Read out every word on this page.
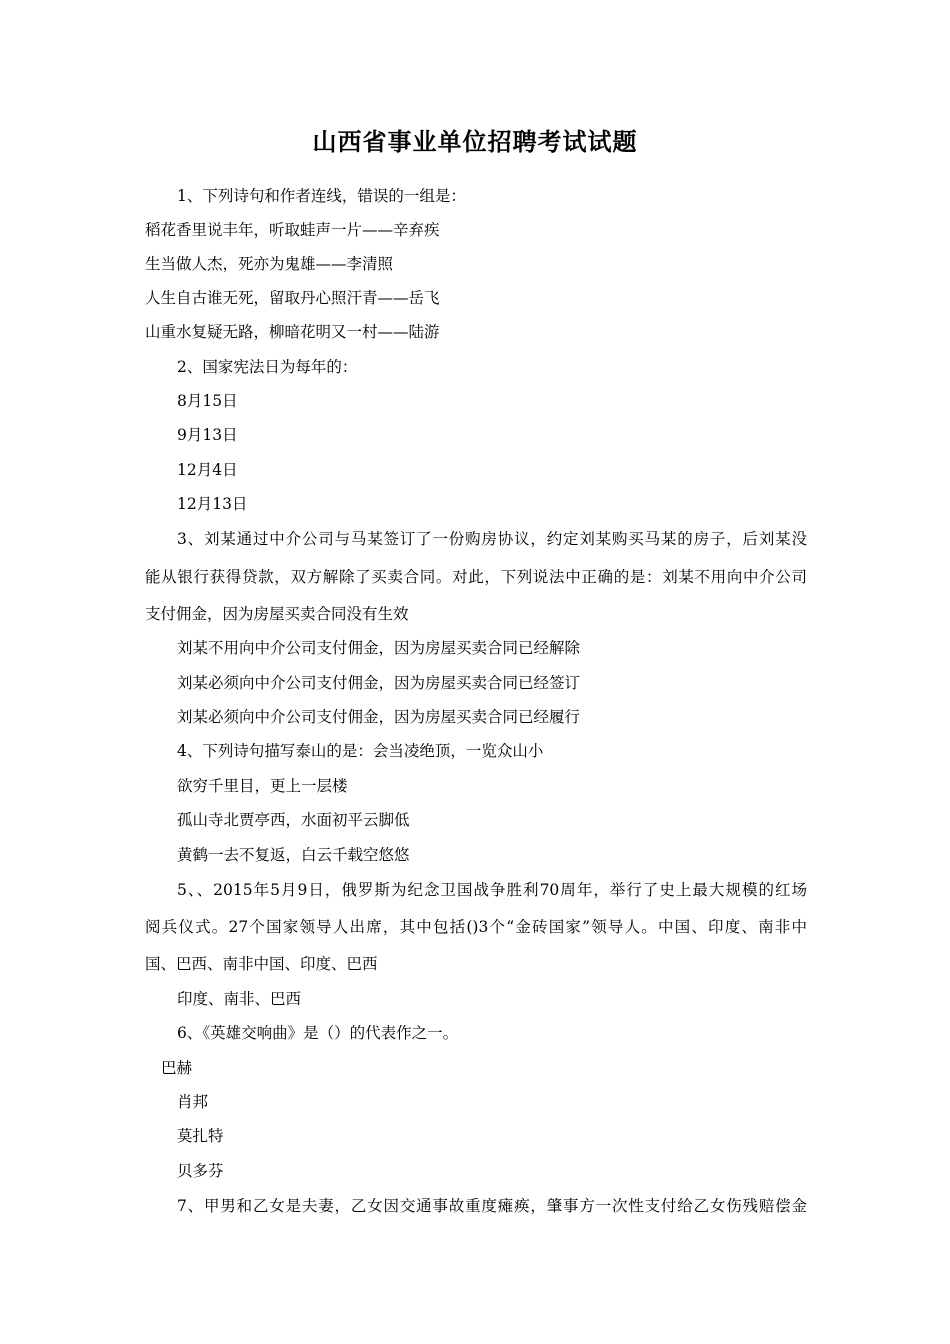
山西省事业单位招聘考试试题
1、下列诗句和作者连线，错误的一组是：
稻花香里说丰年，听取蛙声一片——辛弃疾
生当做人杰，死亦为鬼雄——李清照
人生自古谁无死，留取丹心照汗青——岳飞
山重水复疑无路，柳暗花明又一村——陆游
2、国家宪法日为每年的：
8月15日
9月13日
12月4日
12月13日
3、刘某通过中介公司与马某签订了一份购房协议，约定刘某购买马某的房子，后刘某没
能从银行获得贷款，双方解除了买卖合同。对此，下列说法中正确的是：刘某不用向中介公司
支付佣金，因为房屋买卖合同没有生效
刘某不用向中介公司支付佣金，因为房屋买卖合同已经解除
刘某必须向中介公司支付佣金，因为房屋买卖合同已经签订
刘某必须向中介公司支付佣金，因为房屋买卖合同已经履行
4、下列诗句描写泰山的是：会当凌绝顶，一览众山小
欲穷千里目，更上一层楼
孤山寺北贾亭西，水面初平云脚低
黄鹤一去不复返，白云千载空悠悠
5、、2015年5月9日，俄罗斯为纪念卫国战争胜利70周年，举行了史上最大规模的红场
阅兵仪式。27个国家领导人出席，其中包括()3个“金砖国家”领导人。中国、印度、南非中
国、巴西、南非中国、印度、巴西
印度、南非、巴西
6、《英雄交响曲》是（）的代表作之一。
巴赫
肖邦
莫扎特
贝多芬
7、甲男和乙女是夫妻，乙女因交通事故重度瘫痪，肇事方一次性支付给乙女伤残赔偿金
